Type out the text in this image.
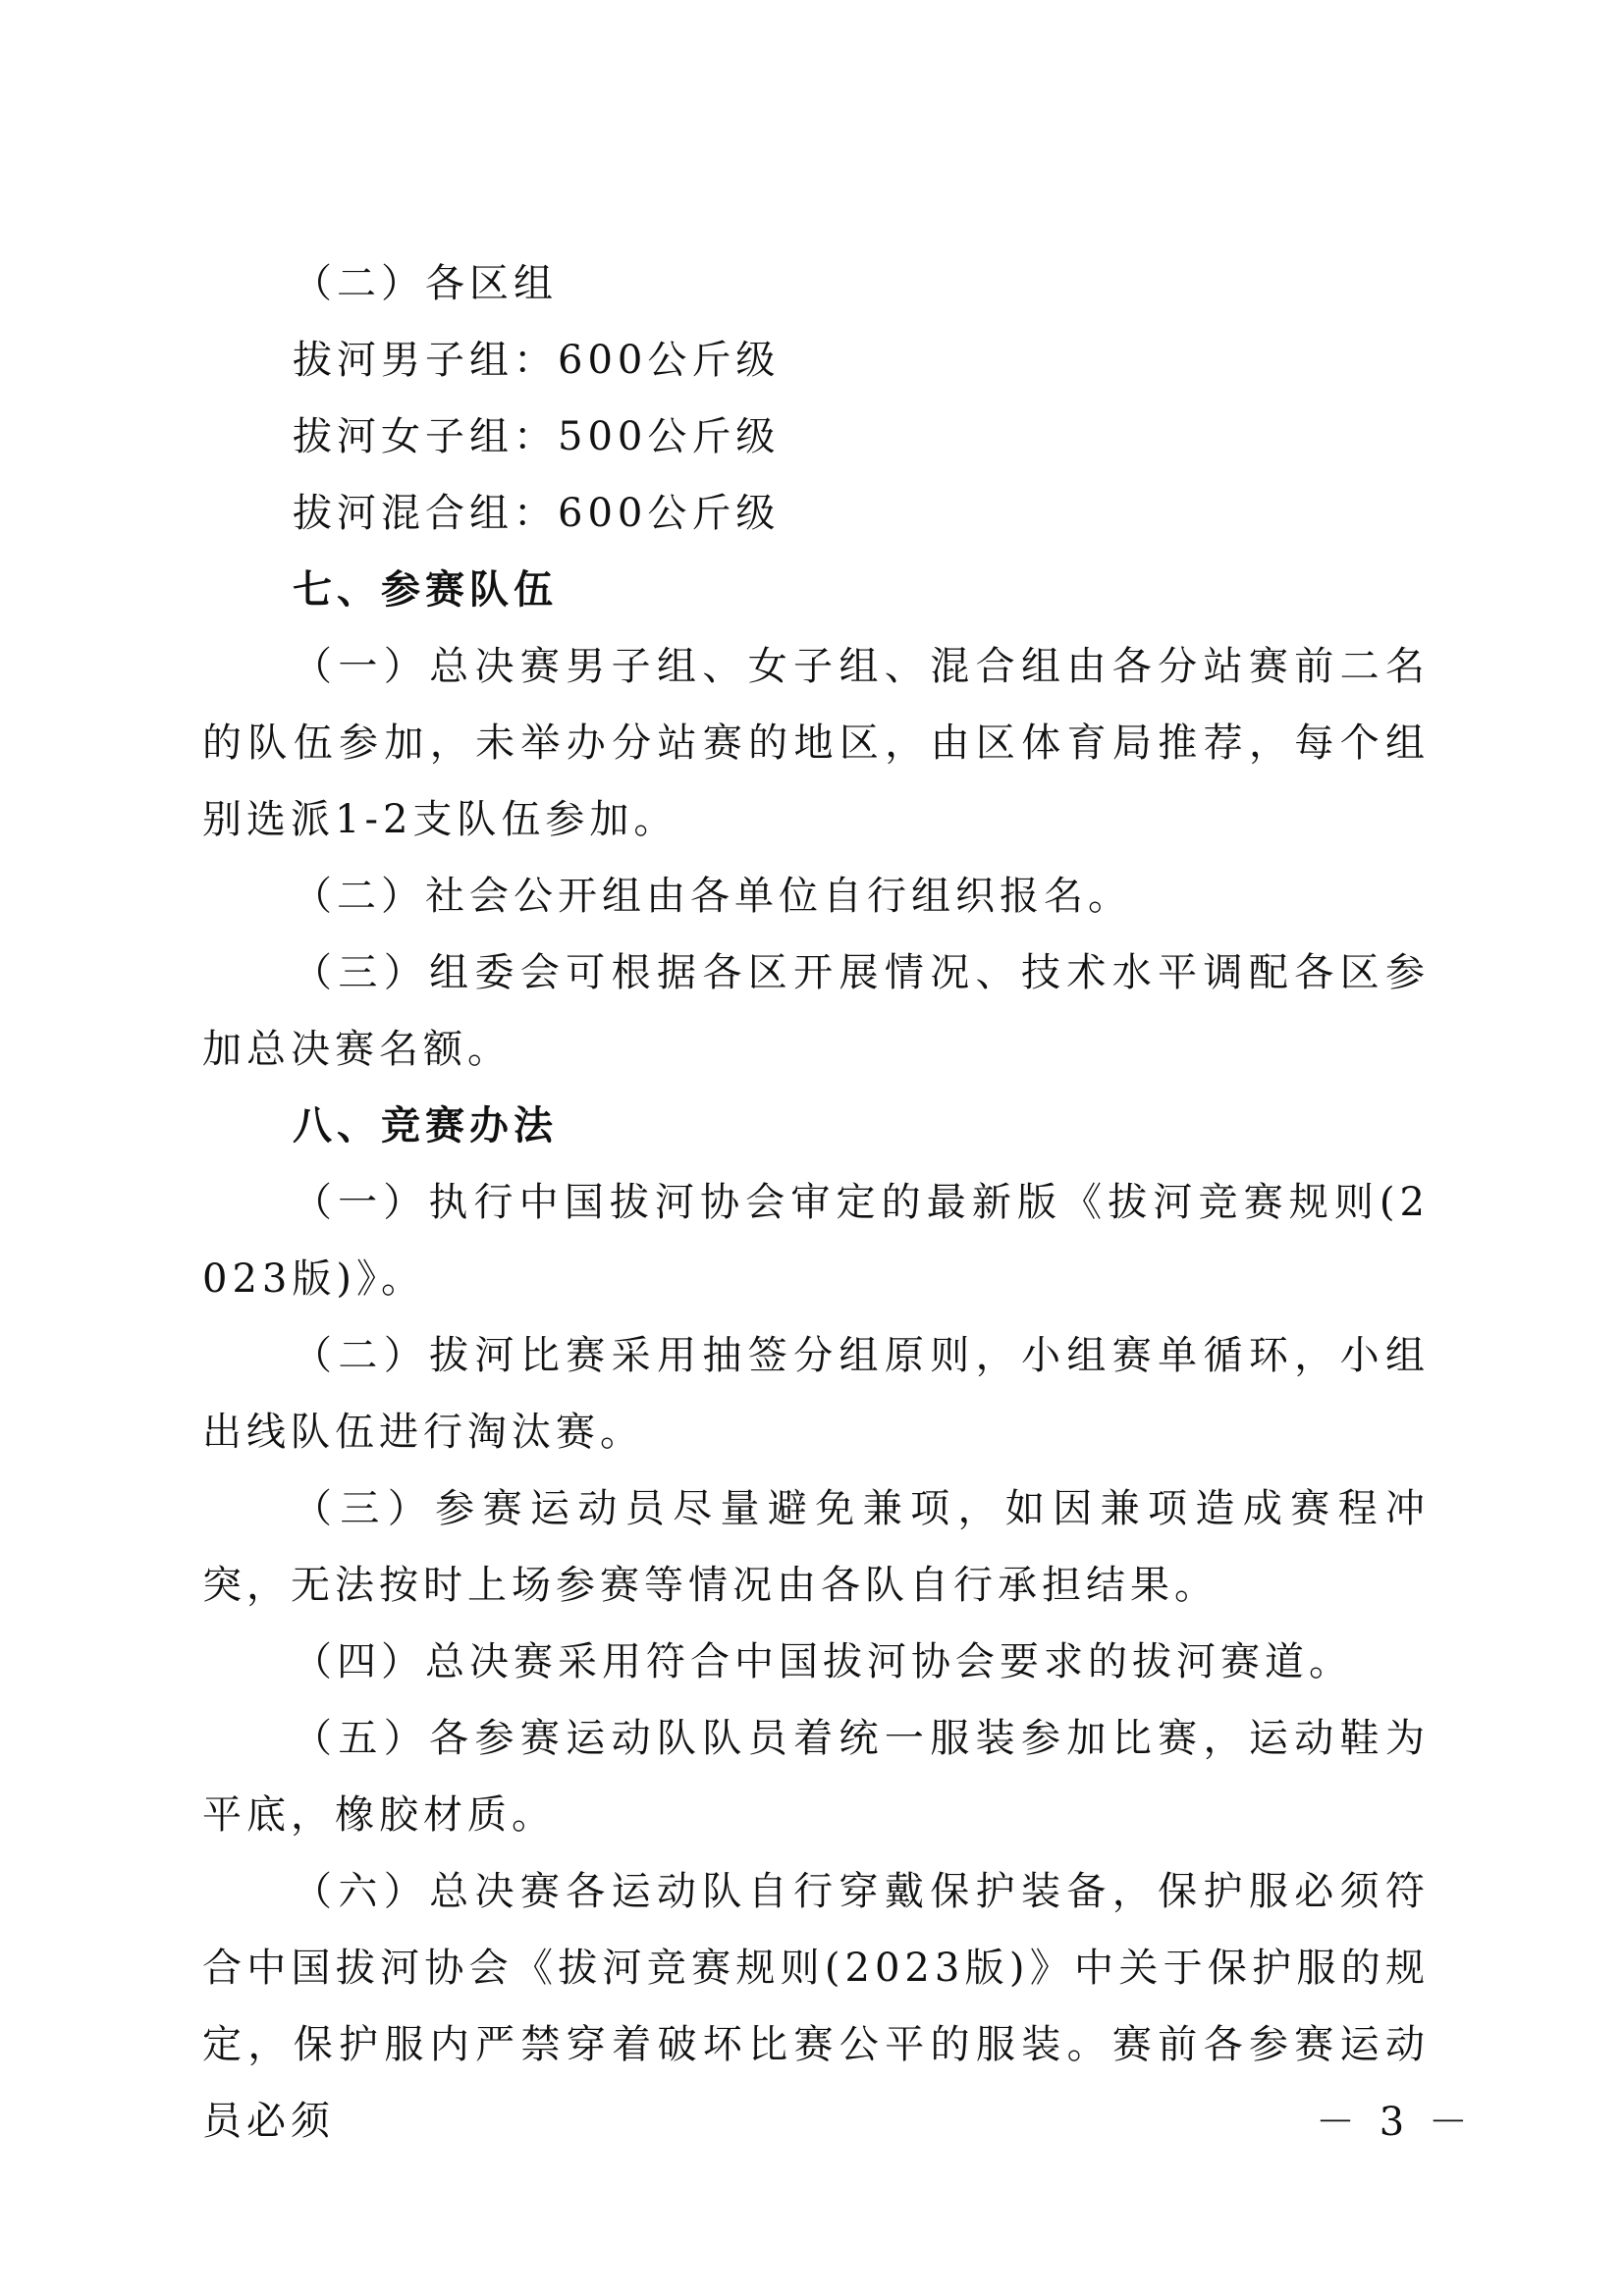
（二）各区组

拔河男子组：600公斤级

拔河女子组：500公斤级

拔河混合组：600公斤级

七、参赛队伍

（一）总决赛男子组、女子组、混合组由各分站赛前二名的队伍参加，未举办分站赛的地区，由区体育局推荐，每个组别选派1-2支队伍参加。

（二）社会公开组由各单位自行组织报名。

（三）组委会可根据各区开展情况、技术水平调配各区参加总决赛名额。

八、竞赛办法

（一）执行中国拔河协会审定的最新版《拔河竞赛规则(2023版)》。

（二）拔河比赛采用抽签分组原则，小组赛单循环，小组出线队伍进行淘汰赛。

（三）参赛运动员尽量避免兼项，如因兼项造成赛程冲突，无法按时上场参赛等情况由各队自行承担结果。

（四）总决赛采用符合中国拔河协会要求的拔河赛道。

（五）各参赛运动队队员着统一服装参加比赛，运动鞋为平底，橡胶材质。

（六）总决赛各运动队自行穿戴保护装备，保护服必须符合中国拔河协会《拔河竞赛规则(2023版)》中关于保护服的规定，保护服内严禁穿着破坏比赛公平的服装。赛前各参赛运动员必须	－ 3 －
